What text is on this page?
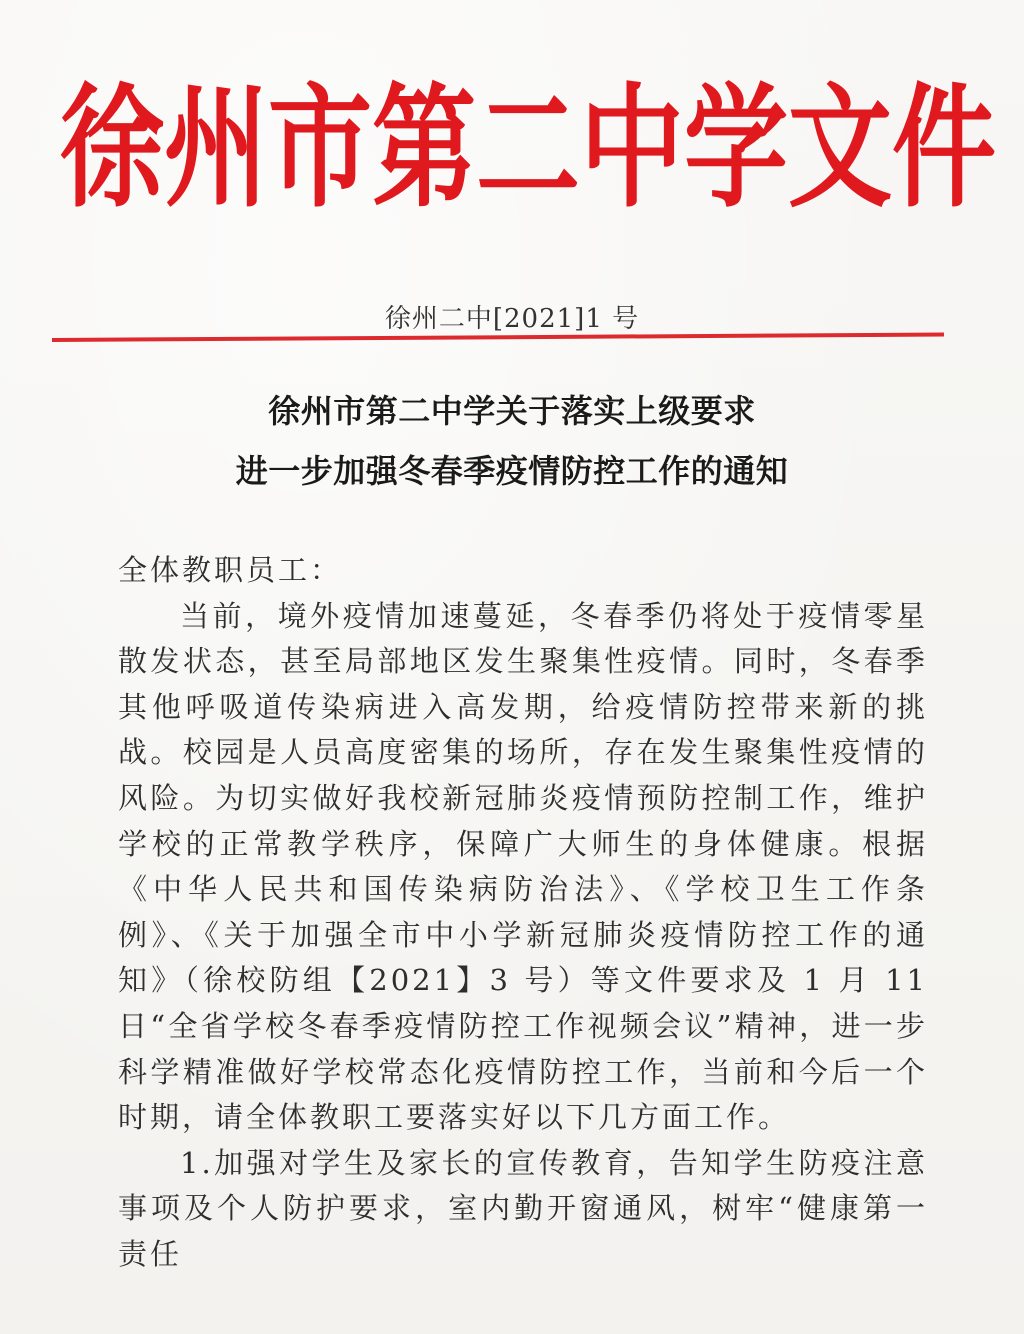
徐 州 市 第 二 中 学 文 件
徐州二中[2021]1 号
徐州市第二中学关于落实上级要求
进一步加强冬春季疫情防控工作的通知

全体教职员工：

当前，境外疫情加速蔓延，冬春季仍将处于疫情零星散发状态，甚至局部地区发生聚集性疫情。同时，冬春季其他呼吸道传染病进入高发期，给疫情防控带来新的挑战。校园是人员高度密集的场所，存在发生聚集性疫情的风险。为切实做好我校新冠肺炎疫情预防控制工作，维护学校的正常教学秩序，保障广大师生的身体健康。根据《中华人民共和国传染病防治法》、《学校卫生工作条例》、《关于加强全市中小学新冠肺炎疫情防控工作的通知》（徐校防组【2021】3 号）等文件要求及 1 月 11 日“全省学校冬春季疫情防控工作视频会议”精神，进一步科学精准做好学校常态化疫情防控工作，当前和今后一个时期，请全体教职工要落实好以下几方面工作。

1.加强对学生及家长的宣传教育，告知学生防疫注意事项及个人防护要求，室内勤开窗通风，树牢“健康第一责任
